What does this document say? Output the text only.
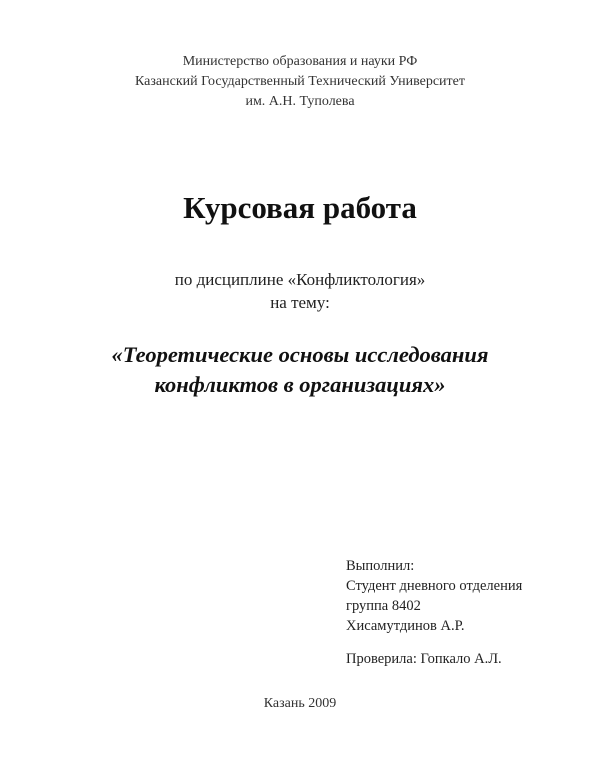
Министерство образования и науки РФ
Казанский Государственный Технический Университет
им. А.Н. Туполева
Курсовая работа
по дисциплине «Конфликтология»
на тему:
«Теоретические основы исследования
конфликтов в организациях»
Выполнил:
Студент дневного отделения
группа 8402
Хисамутдинов А.Р.
Проверила: Гопкало А.Л.
Казань 2009
